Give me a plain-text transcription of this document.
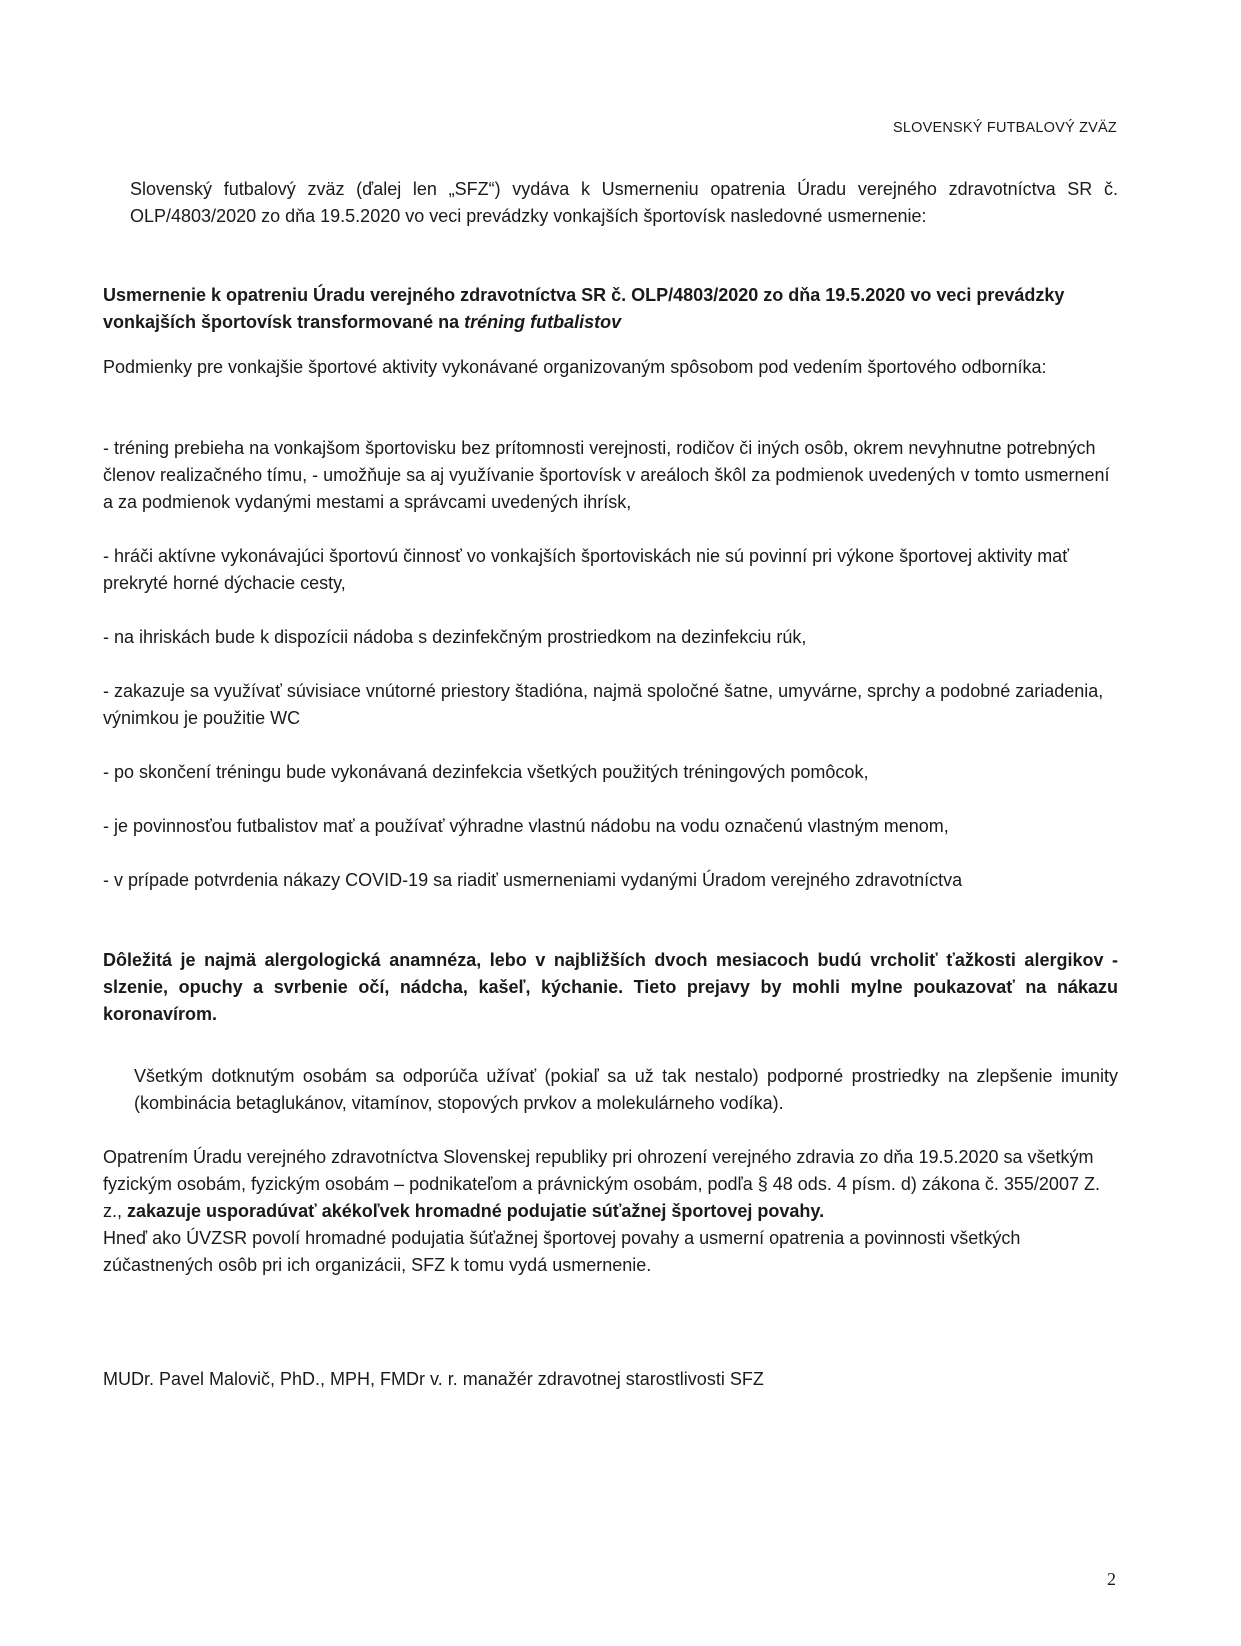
SLOVENSKÝ FUTBALOVÝ ZVÄZ

Slovenský futbalový zväz (ďalej len „SFZ“) vydáva k Usmerneniu opatrenia Úradu verejného zdravotníctva SR č. OLP/4803/2020 zo dňa 19.5.2020 vo veci prevádzky vonkajších športovísk nasledovné usmernenie:

Usmernenie k opatreniu Úradu verejného zdravotníctva SR č. OLP/4803/2020 zo dňa 19.5.2020 vo veci prevádzky vonkajších športovísk transformované na tréning futbalistov

Podmienky pre vonkajšie športové aktivity vykonávané organizovaným spôsobom pod vedením športového odborníka:

- tréning prebieha na vonkajšom športovisku bez prítomnosti verejnosti, rodičov či iných osôb, okrem nevyhnutne potrebných členov realizačného tímu, - umožňuje sa aj využívanie športovísk v areáloch škôl za podmienok uvedených v tomto usmernení a za podmienok vydanými mestami a správcami uvedených ihrísk,

- hráči aktívne vykonávajúci športovú činnosť vo vonkajších športoviskách nie sú povinní pri výkone športovej aktivity mať prekryté horné dýchacie cesty,

- na ihriskách bude k dispozícii nádoba s dezinfekčným prostriedkom na dezinfekciu rúk,

- zakazuje sa využívať súvisiace vnútorné priestory štadióna, najmä spoločné šatne, umyvárne, sprchy a podobné zariadenia, výnimkou je použitie WC

- po skončení tréningu bude vykonávaná dezinfekcia všetkých použitých tréningových pomôcok,

- je povinnosťou futbalistov mať a používať výhradne vlastnú nádobu na vodu označenú vlastným menom,

- v prípade potvrdenia nákazy COVID-19 sa riadiť usmerneniami vydanými Úradom verejného zdravotníctva

Dôležitá je najmä alergologická anamnéza, lebo v najbližších dvoch mesiacoch budú vrcholiť ťažkosti alergikov - slzenie, opuchy a svrbenie očí, nádcha, kašeľ, kýchanie. Tieto prejavy by mohli mylne poukazovať na nákazu koronavírom.

Všetkým dotknutým osobám sa odporúča užívať (pokiaľ sa už tak nestalo) podporné prostriedky na zlepšenie imunity (kombinácia betaglukánov, vitamínov, stopových prvkov a molekulárneho vodíka).

Opatrením Úradu verejného zdravotníctva Slovenskej republiky pri ohrození verejného zdravia zo dňa 19.5.2020 sa všetkým fyzickým osobám, fyzickým osobám – podnikateľom a právnickým osobám, podľa § 48 ods. 4 písm. d) zákona č. 355/2007 Z. z., zakazuje usporadúvať akékoľvek hromadné podujatie súťažnej športovej povahy.

Hneď ako ÚVZSR povolí hromadné podujatia šúťažnej športovej povahy a usmerní opatrenia a povinnosti všetkých zúčastnených osôb pri ich organizácii, SFZ k tomu vydá usmernenie.

MUDr. Pavel Malovič, PhD., MPH, FMDr v. r. manažér zdravotnej starostlivosti SFZ

2
